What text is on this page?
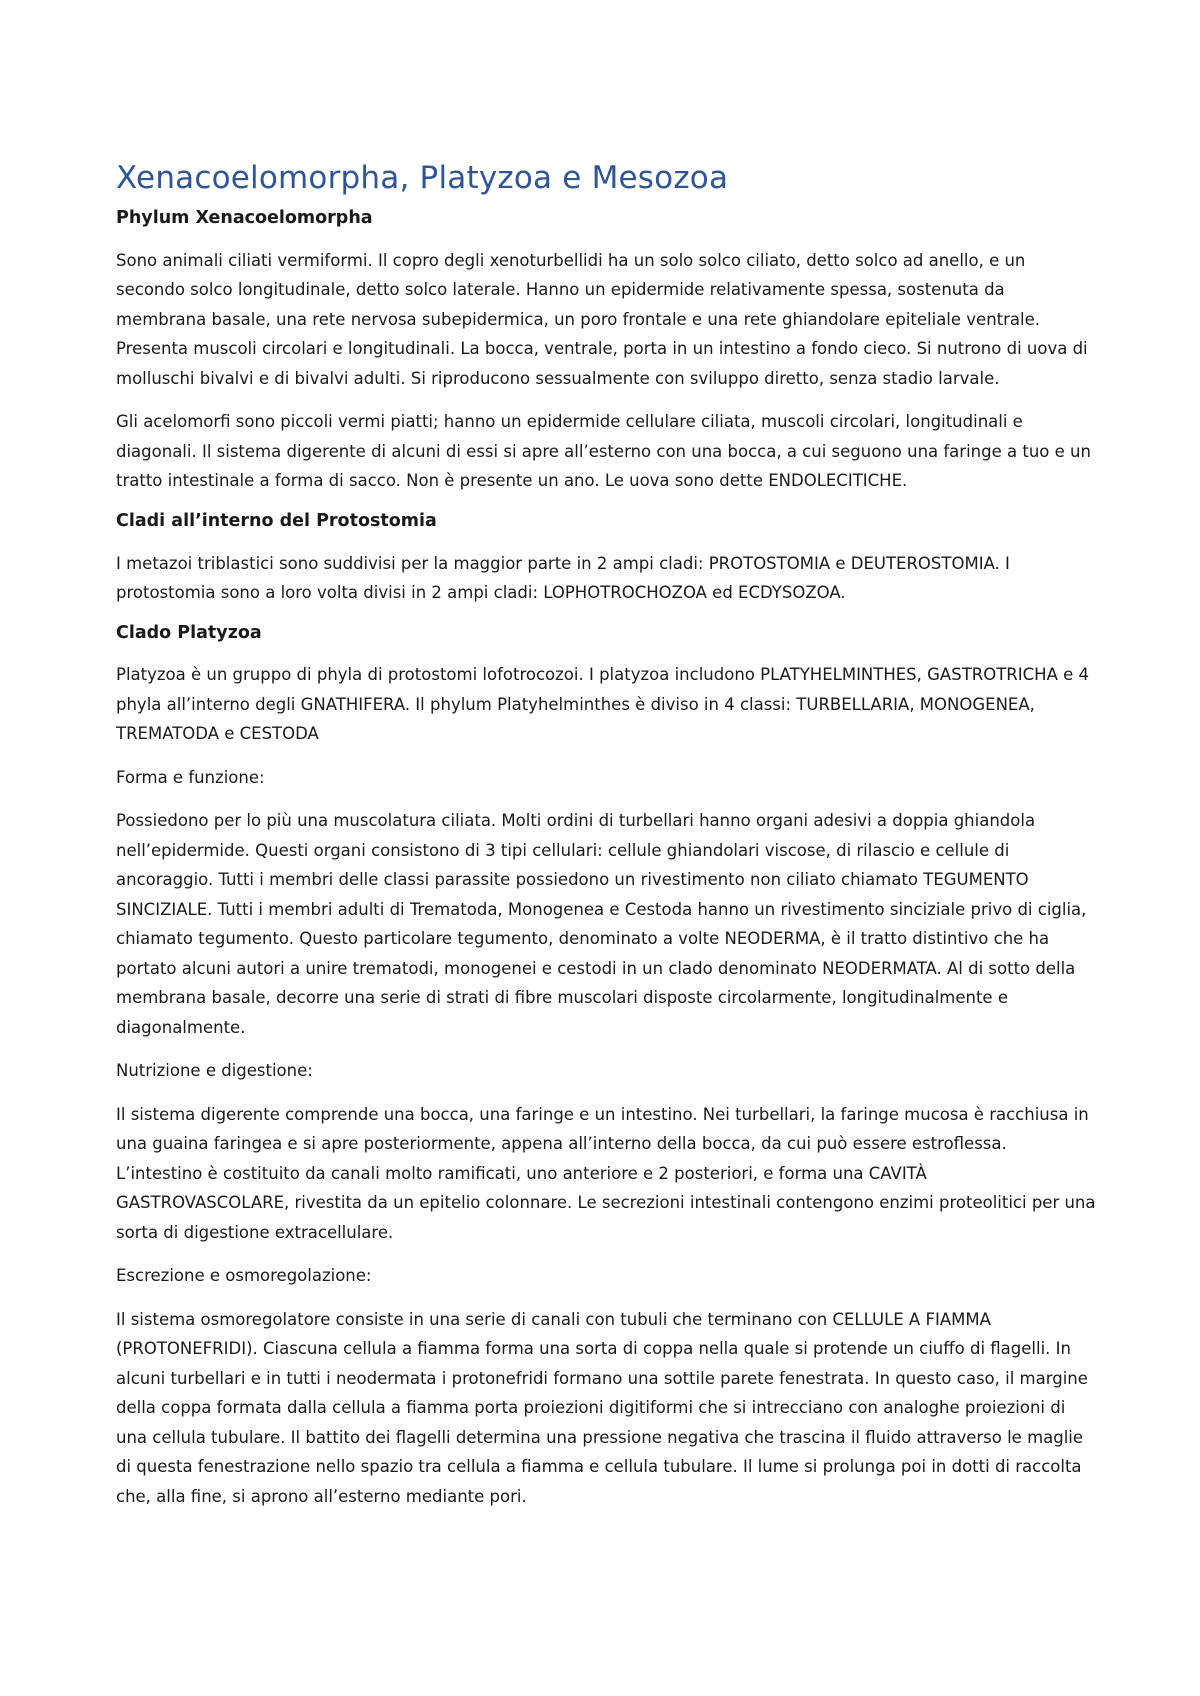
Xenacoelomorpha, Platyzoa e Mesozoa
Phylum Xenacoelomorpha

Sono animali ciliati vermiformi. Il copro degli xenoturbellidi ha un solo solco ciliato, detto solco ad anello, e un secondo solco longitudinale, detto solco laterale. Hanno un epidermide relativamente spessa, sostenuta da membrana basale, una rete nervosa subepidermica, un poro frontale e una rete ghiandolare epiteliale ventrale. Presenta muscoli circolari e longitudinali. La bocca, ventrale, porta in un intestino a fondo cieco. Si nutrono di uova di molluschi bivalvi e di bivalvi adulti. Si riproducono sessualmente con sviluppo diretto, senza stadio larvale.

Gli acelomorfi sono piccoli vermi piatti; hanno un epidermide cellulare ciliata, muscoli circolari, longitudinali e diagonali. Il sistema digerente di alcuni di essi si apre all’esterno con una bocca, a cui seguono una faringe a tuo e un tratto intestinale a forma di sacco. Non è presente un ano. Le uova sono dette ENDOLECITICHE.

Cladi all’interno del Protostomia

I metazoi triblastici sono suddivisi per la maggior parte in 2 ampi cladi: PROTOSTOMIA e DEUTEROSTOMIA. I protostomia sono a loro volta divisi in 2 ampi cladi: LOPHOTROCHOZOA ed ECDYSOZOA.

Clado Platyzoa

Platyzoa è un gruppo di phyla di protostomi lofotrocozoi. I platyzoa includono PLATYHELMINTHES, GASTROTRICHA e 4 phyla all’interno degli GNATHIFERA. Il phylum Platyhelminthes è diviso in 4 classi: TURBELLARIA, MONOGENEA, TREMATODA e CESTODA

Forma e funzione:

Possiedono per lo più una muscolatura ciliata. Molti ordini di turbellari hanno organi adesivi a doppia ghiandola nell’epidermide. Questi organi consistono di 3 tipi cellulari: cellule ghiandolari viscose, di rilascio e cellule di ancoraggio. Tutti i membri delle classi parassite possiedono un rivestimento non ciliato chiamato TEGUMENTO SINCIZIALE. Tutti i membri adulti di Trematoda, Monogenea e Cestoda hanno un rivestimento sinciziale privo di ciglia, chiamato tegumento. Questo particolare tegumento, denominato a volte NEODERMA, è il tratto distintivo che ha portato alcuni autori a unire trematodi, monogenei e cestodi in un clado denominato NEODERMATA. Al di sotto della membrana basale, decorre una serie di strati di fibre muscolari disposte circolarmente, longitudinalmente e diagonalmente.

Nutrizione e digestione:

Il sistema digerente comprende una bocca, una faringe e un intestino. Nei turbellari, la faringe mucosa è racchiusa in una guaina faringea e si apre posteriormente, appena all’interno della bocca, da cui può essere estroflessa. L’intestino è costituito da canali molto ramificati, uno anteriore e 2 posteriori, e forma una CAVITÀ GASTROVASCOLARE, rivestita da un epitelio colonnare. Le secrezioni intestinali contengono enzimi proteolitici per una sorta di digestione extracellulare.

Escrezione e osmoregolazione:

Il sistema osmoregolatore consiste in una serie di canali con tubuli che terminano con CELLULE A FIAMMA (PROTONEFRIDI). Ciascuna cellula a fiamma forma una sorta di coppa nella quale si protende un ciuffo di flagelli. In alcuni turbellari e in tutti i neodermata i protonefridi formano una sottile parete fenestrata. In questo caso, il margine della coppa formata dalla cellula a fiamma porta proiezioni digitiformi che si intrecciano con analoghe proiezioni di una cellula tubulare. Il battito dei flagelli determina una pressione negativa che trascina il fluido attraverso le maglie di questa fenestrazione nello spazio tra cellula a fiamma e cellula tubulare. Il lume si prolunga poi in dotti di raccolta che, alla fine, si aprono all’esterno mediante pori.
